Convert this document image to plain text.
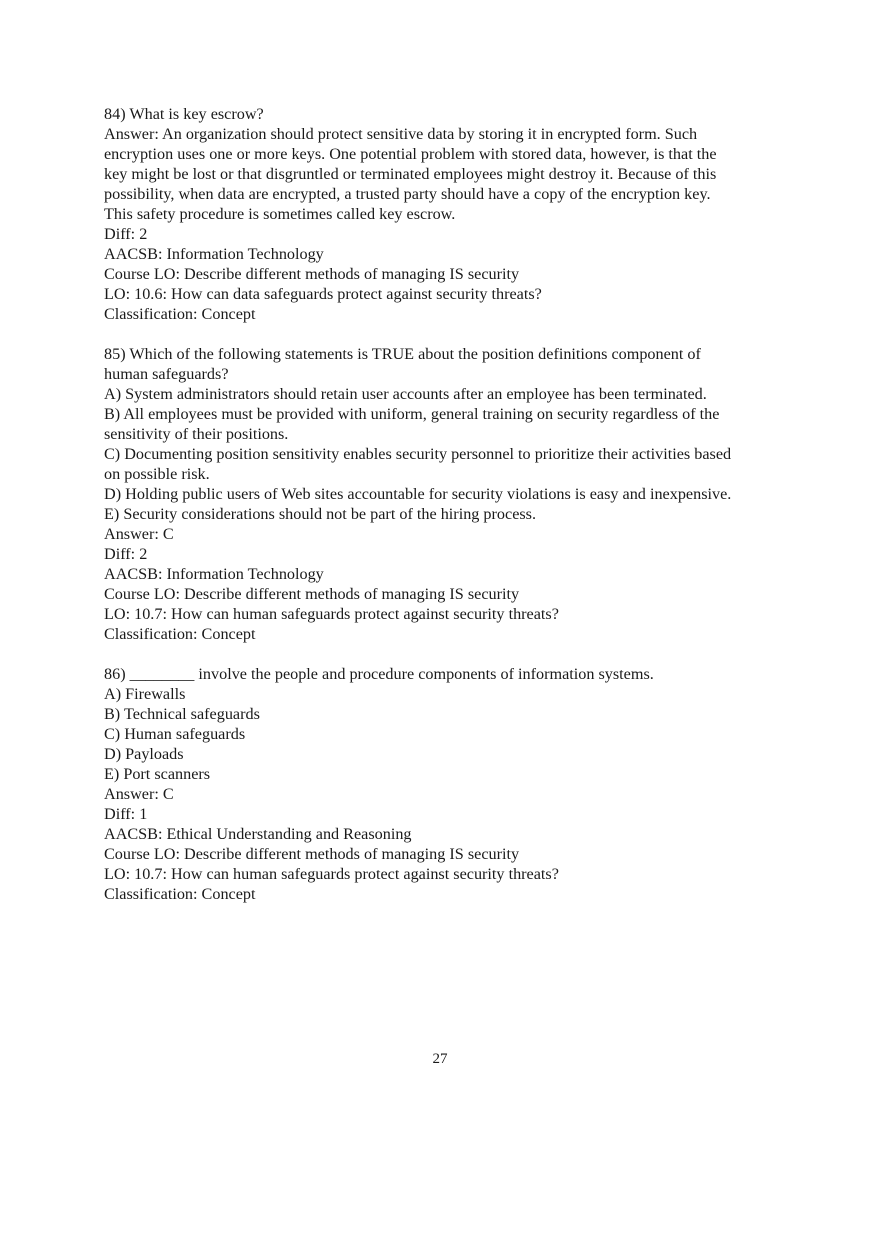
84) What is key escrow?
Answer: An organization should protect sensitive data by storing it in encrypted form. Such
encryption uses one or more keys. One potential problem with stored data, however, is that the
key might be lost or that disgruntled or terminated employees might destroy it. Because of this
possibility, when data are encrypted, a trusted party should have a copy of the encryption key.
This safety procedure is sometimes called key escrow.
Diff: 2
AACSB: Information Technology
Course LO: Describe different methods of managing IS security
LO: 10.6: How can data safeguards protect against security threats?
Classification: Concept
85) Which of the following statements is TRUE about the position definitions component of
human safeguards?
A) System administrators should retain user accounts after an employee has been terminated.
B) All employees must be provided with uniform, general training on security regardless of the
sensitivity of their positions.
C) Documenting position sensitivity enables security personnel to prioritize their activities based
on possible risk.
D) Holding public users of Web sites accountable for security violations is easy and inexpensive.
E) Security considerations should not be part of the hiring process.
Answer: C
Diff: 2
AACSB: Information Technology
Course LO: Describe different methods of managing IS security
LO: 10.7: How can human safeguards protect against security threats?
Classification: Concept
86) ________ involve the people and procedure components of information systems.
A) Firewalls
B) Technical safeguards
C) Human safeguards
D) Payloads
E) Port scanners
Answer: C
Diff: 1
AACSB: Ethical Understanding and Reasoning
Course LO: Describe different methods of managing IS security
LO: 10.7: How can human safeguards protect against security threats?
Classification: Concept
27
